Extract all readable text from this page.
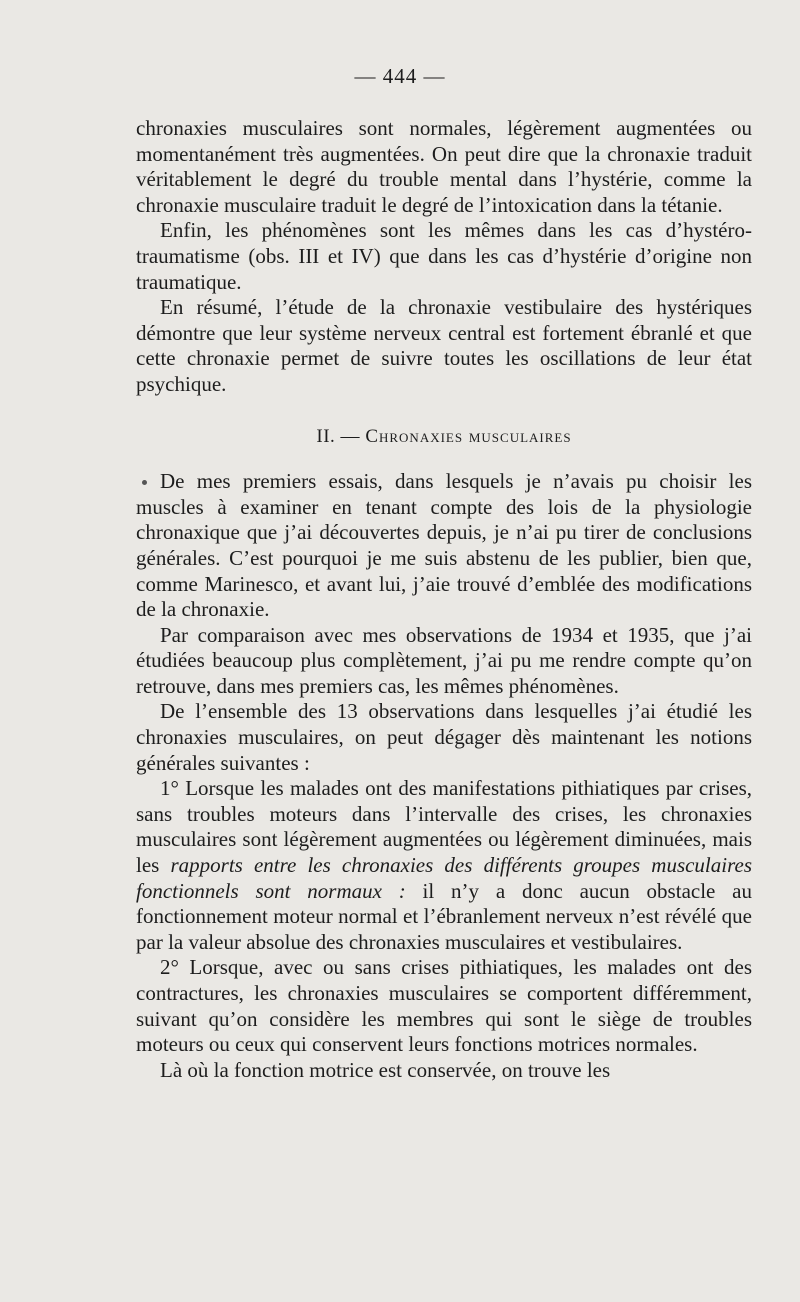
— 444 —

chronaxies musculaires sont normales, légèrement augmentées ou momentanément très augmentées. On peut dire que la chronaxie traduit véritablement le degré du trouble mental dans l’hystérie, comme la chronaxie musculaire traduit le degré de l’intoxication dans la tétanie.

Enfin, les phénomènes sont les mêmes dans les cas d’hystéro-traumatisme (obs. III et IV) que dans les cas d’hystérie d’origine non traumatique.

En résumé, l’étude de la chronaxie vestibulaire des hystériques démontre que leur système nerveux central est fortement ébranlé et que cette chronaxie permet de suivre toutes les oscillations de leur état psychique.

II. — Chronaxies musculaires

De mes premiers essais, dans lesquels je n’avais pu choisir les muscles à examiner en tenant compte des lois de la physiologie chronaxique que j’ai découvertes depuis, je n’ai pu tirer de conclusions générales. C’est pourquoi je me suis abstenu de les publier, bien que, comme Marinesco, et avant lui, j’aie trouvé d’emblée des modifications de la chronaxie.

Par comparaison avec mes observations de 1934 et 1935, que j’ai étudiées beaucoup plus complètement, j’ai pu me rendre compte qu’on retrouve, dans mes premiers cas, les mêmes phénomènes.

De l’ensemble des 13 observations dans lesquelles j’ai étudié les chronaxies musculaires, on peut dégager dès maintenant les notions générales suivantes :

1° Lorsque les malades ont des manifestations pithiatiques par crises, sans troubles moteurs dans l’intervalle des crises, les chronaxies musculaires sont légèrement augmentées ou légèrement diminuées, mais les rapports entre les chronaxies des différents groupes musculaires fonctionnels sont normaux : il n’y a donc aucun obstacle au fonctionnement moteur normal et l’ébranlement nerveux n’est révélé que par la valeur absolue des chronaxies musculaires et vestibulaires.

2° Lorsque, avec ou sans crises pithiatiques, les malades ont des contractures, les chronaxies musculaires se comportent différemment, suivant qu’on considère les membres qui sont le siège de troubles moteurs ou ceux qui conservent leurs fonctions motrices normales.

Là où la fonction motrice est conservée, on trouve les
